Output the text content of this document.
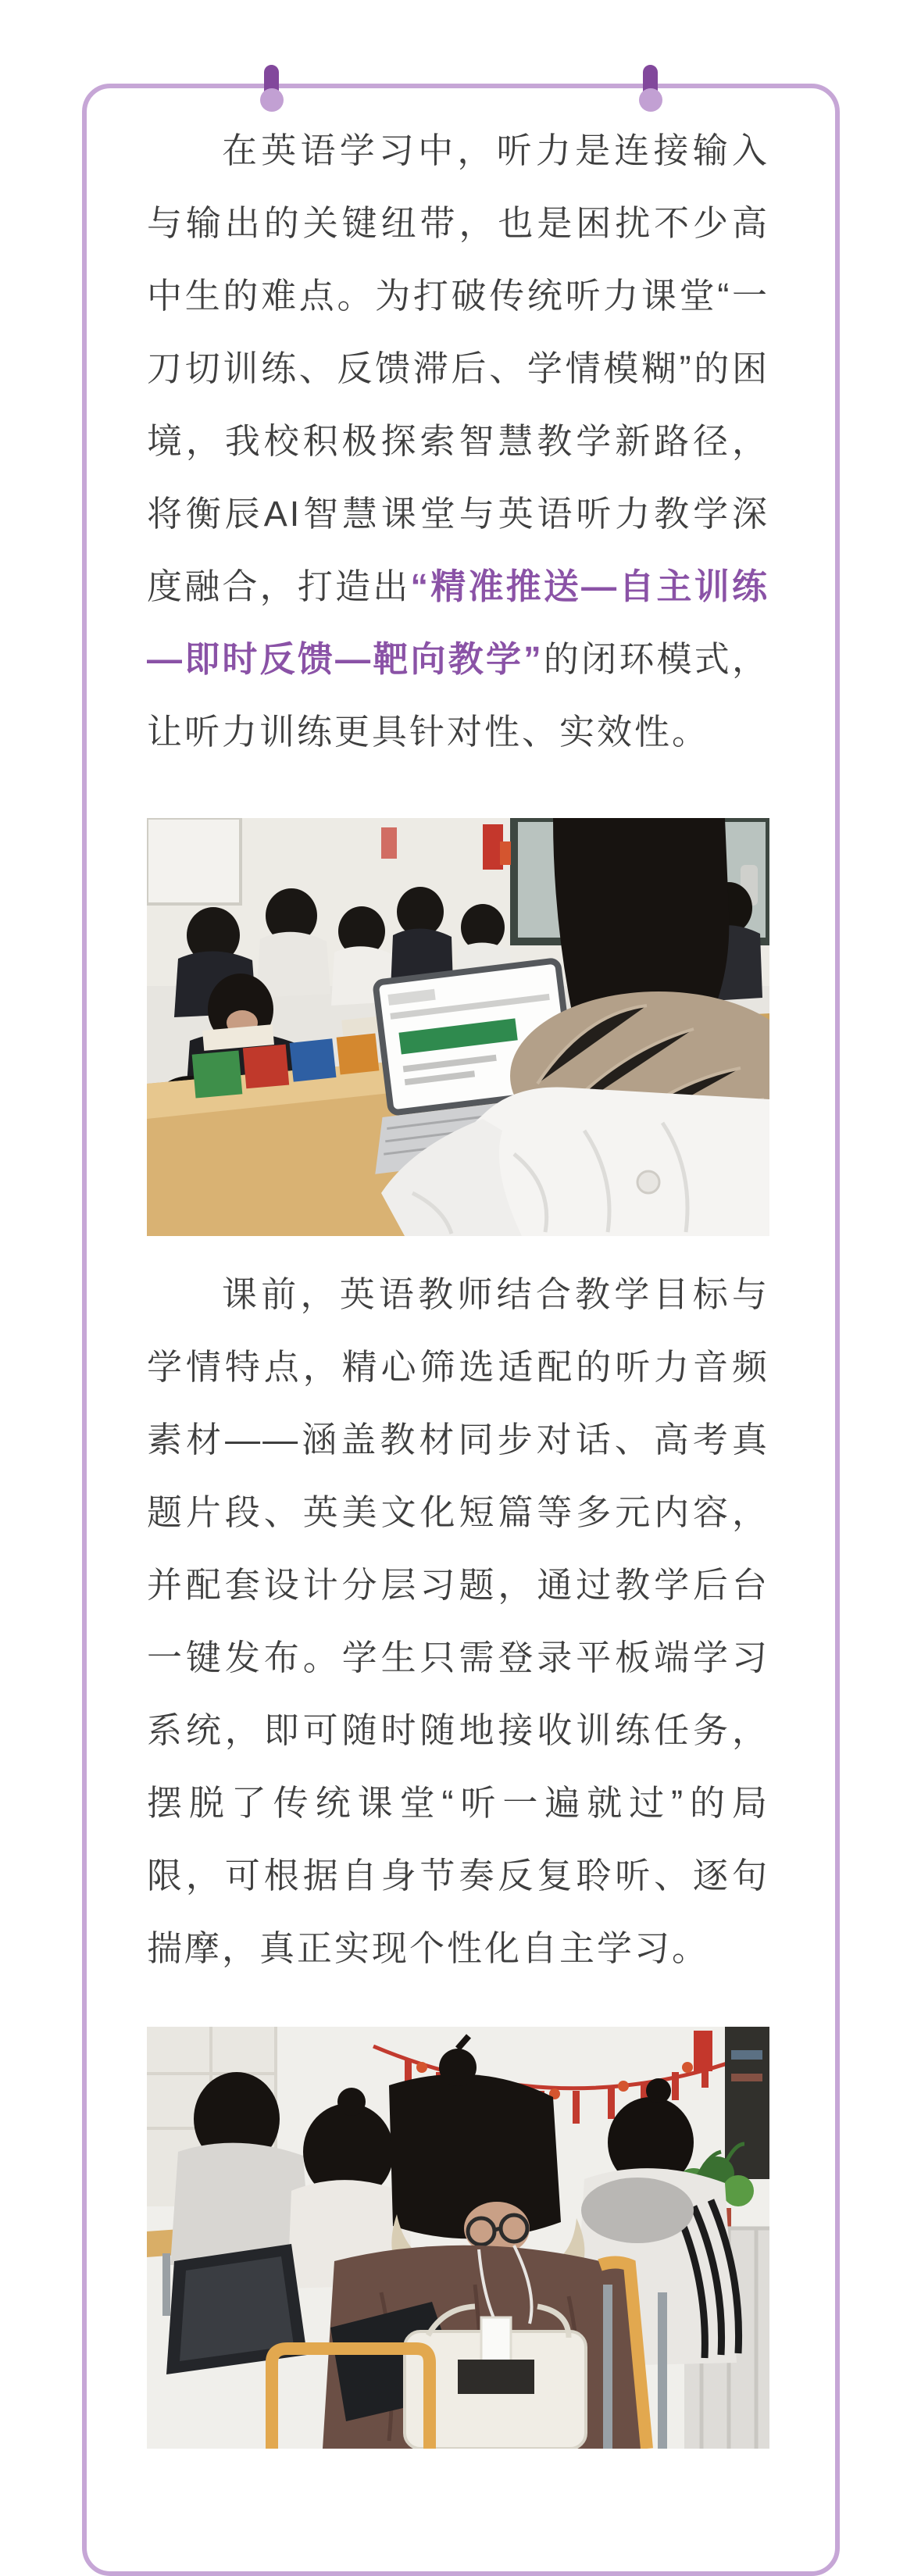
在英语学习中，听力是连接输入与输出的关键纽带，也是困扰不少高中生的难点。为打破传统听力课堂“一刀切训练、反馈滞后、学情模糊”的困境，我校积极探索智慧教学新路径，将衡辰AI智慧课堂与英语听力教学深度融合，打造出“精准推送—自主训练—即时反馈—靶向教学”的闭环模式，让听力训练更具针对性、实效性。

课前，英语教师结合教学目标与学情特点，精心筛选适配的听力音频素材——涵盖教材同步对话、高考真题片段、英美文化短篇等多元内容，并配套设计分层习题，通过教学后台一键发布。学生只需登录平板端学习系统，即可随时随地接收训练任务，摆脱了传统课堂“听一遍就过”的局限，可根据自身节奏反复聆听、逐句揣摩，真正实现个性化自主学习。
